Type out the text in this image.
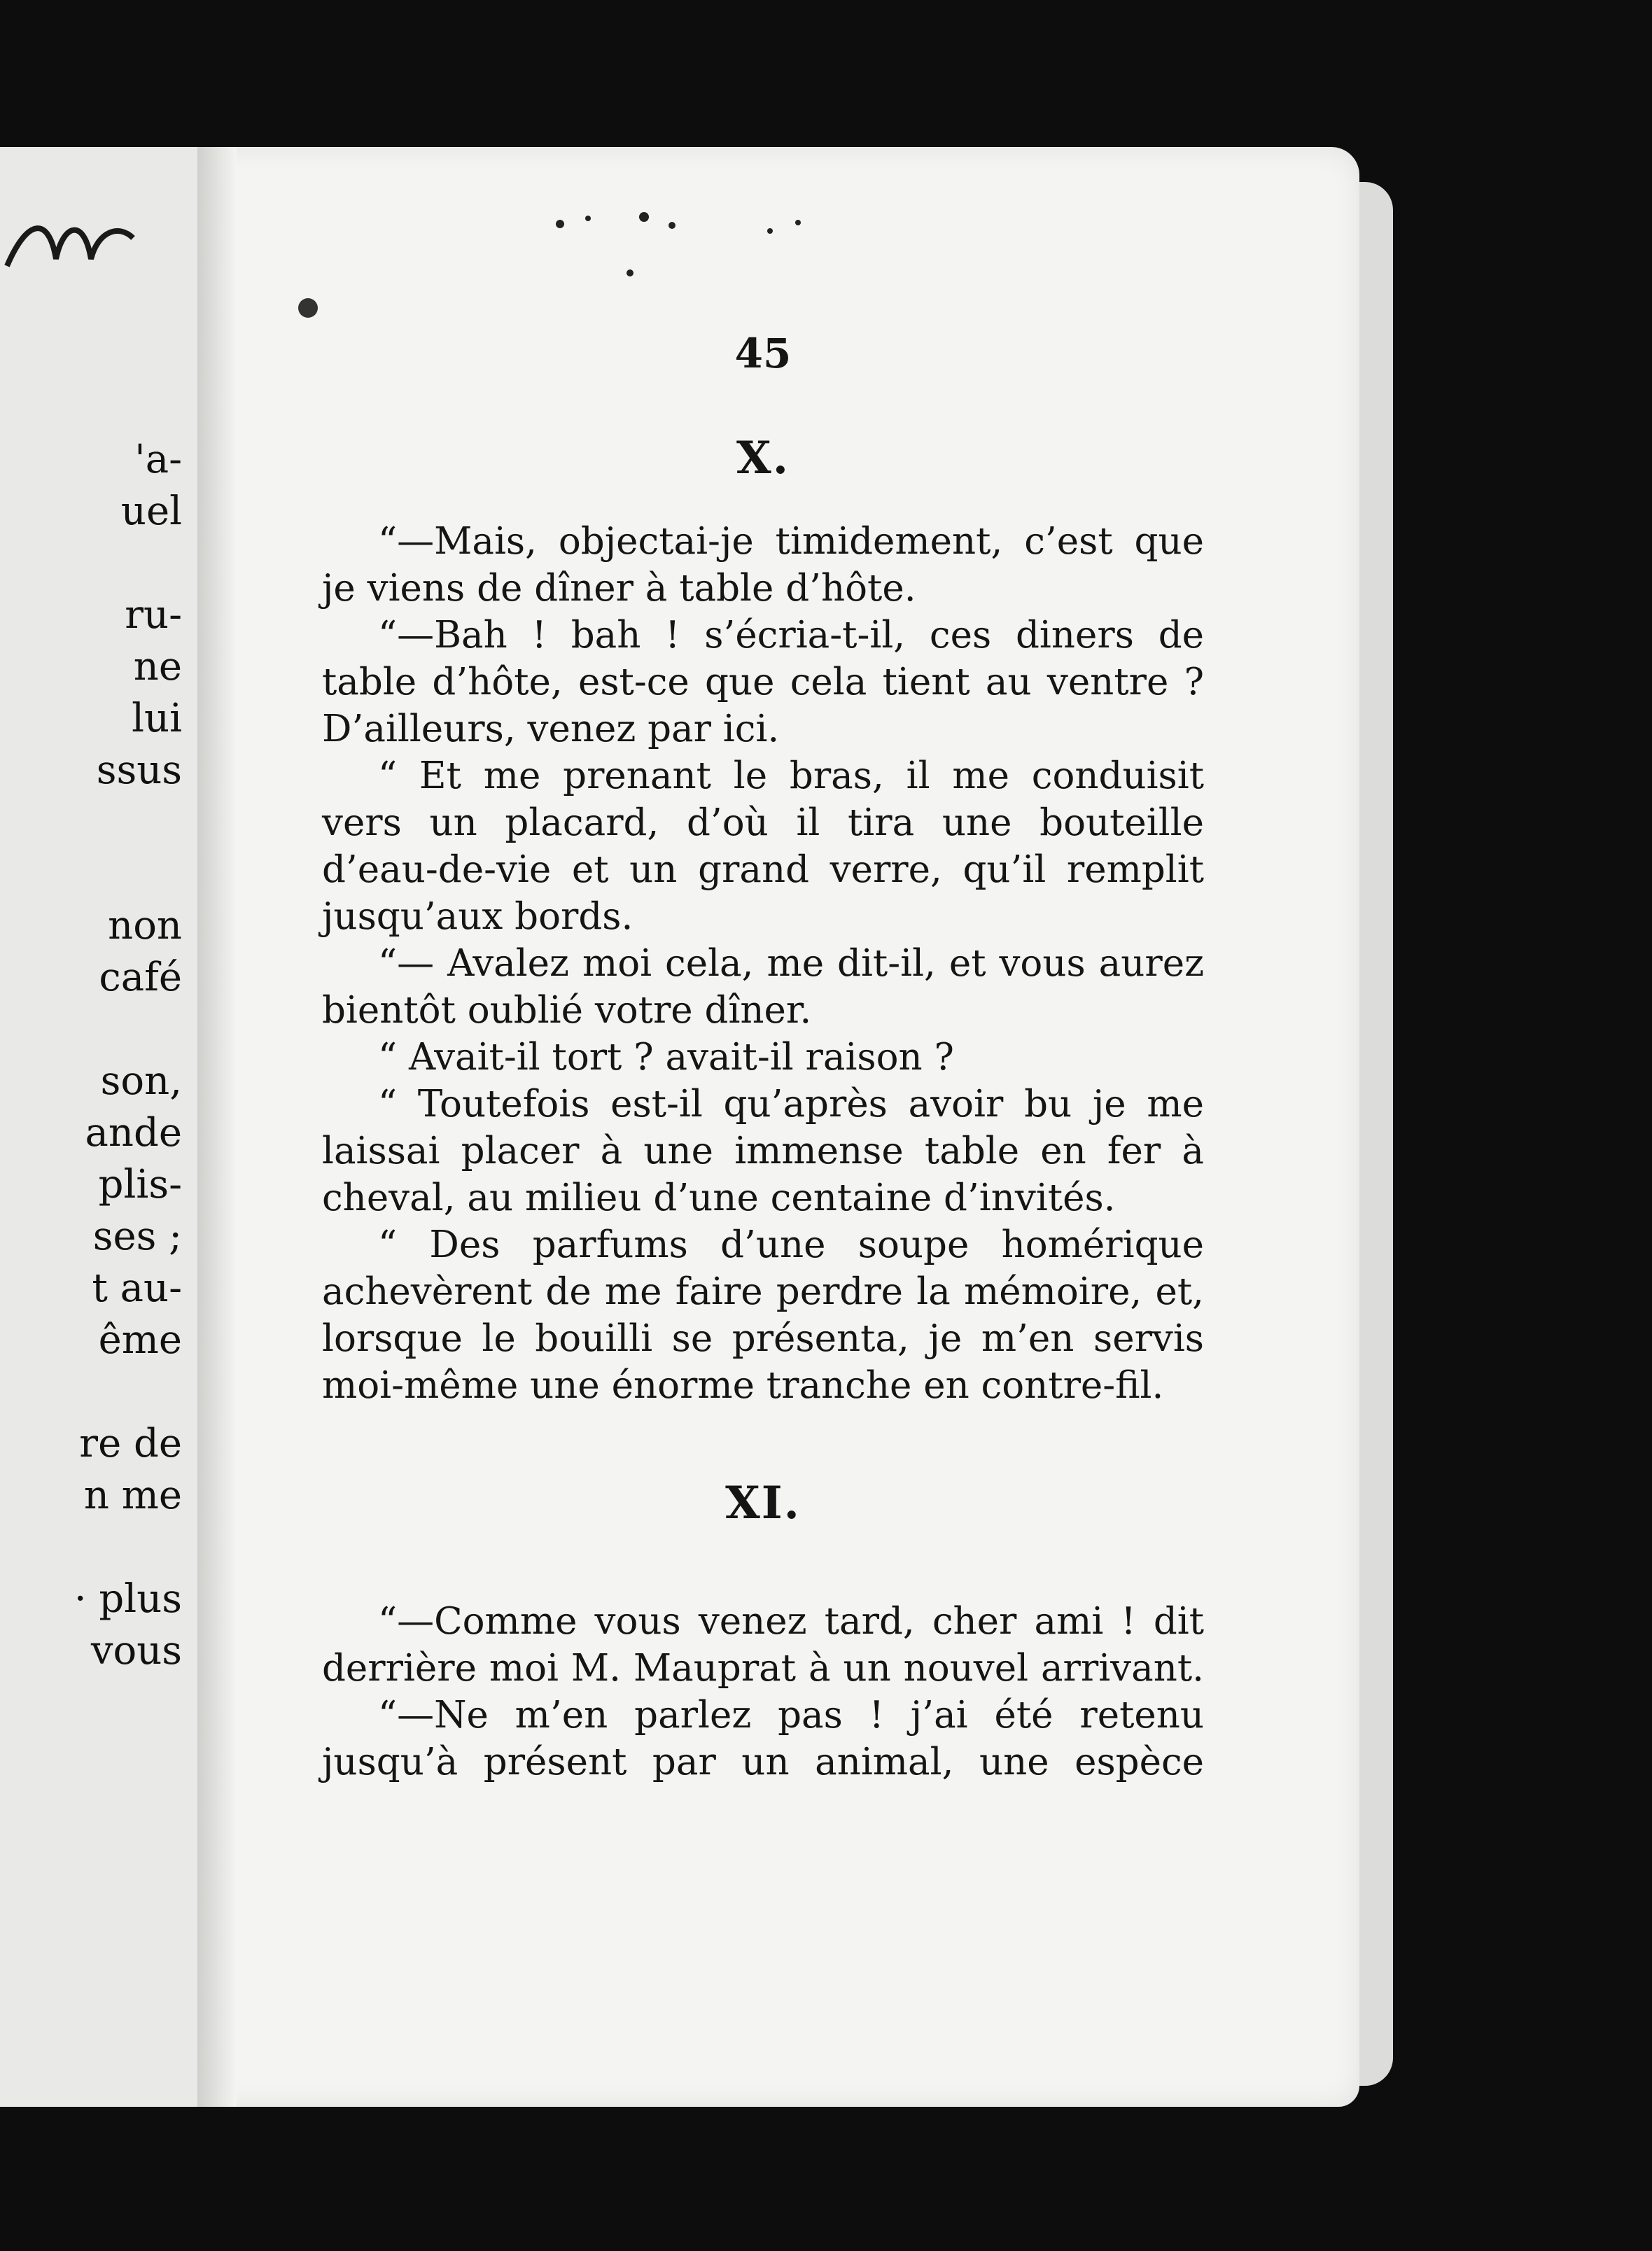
'a-
uel
ru-
ne
lui
ssus
non
café
son,
ande
plis-
ses ;
t au-
ême
re de
n me
· plus
vous
45
X.
“—Mais, objectai-je timidement, c’est que
je viens de dîner à table d’hôte.
“—Bah ! bah ! s’écria-t-il, ces diners de
table d’hôte, est-ce que cela tient au ventre ?
D’ailleurs, venez par ici.
“ Et me prenant le bras, il me conduisit
vers un placard, d’où il tira une bouteille
d’eau-de-vie et un grand verre, qu’il remplit
jusqu’aux bords.
“— Avalez moi cela, me dit-il, et vous aurez
bientôt oublié votre dîner.
“ Avait-il tort ? avait-il raison ?
“ Toutefois est-il qu’après avoir bu je me
laissai placer à une immense table en fer à
cheval, au milieu d’une centaine d’invités.
“ Des parfums d’une soupe homérique
achevèrent de me faire perdre la mémoire, et,
lorsque le bouilli se présenta, je m’en servis
moi-même une énorme tranche en contre-fil.
XI.
“—Comme vous venez tard, cher ami ! dit
derrière moi M. Mauprat à un nouvel arrivant.
“—Ne m’en parlez pas ! j’ai été retenu
jusqu’à présent par un animal, une espèce
